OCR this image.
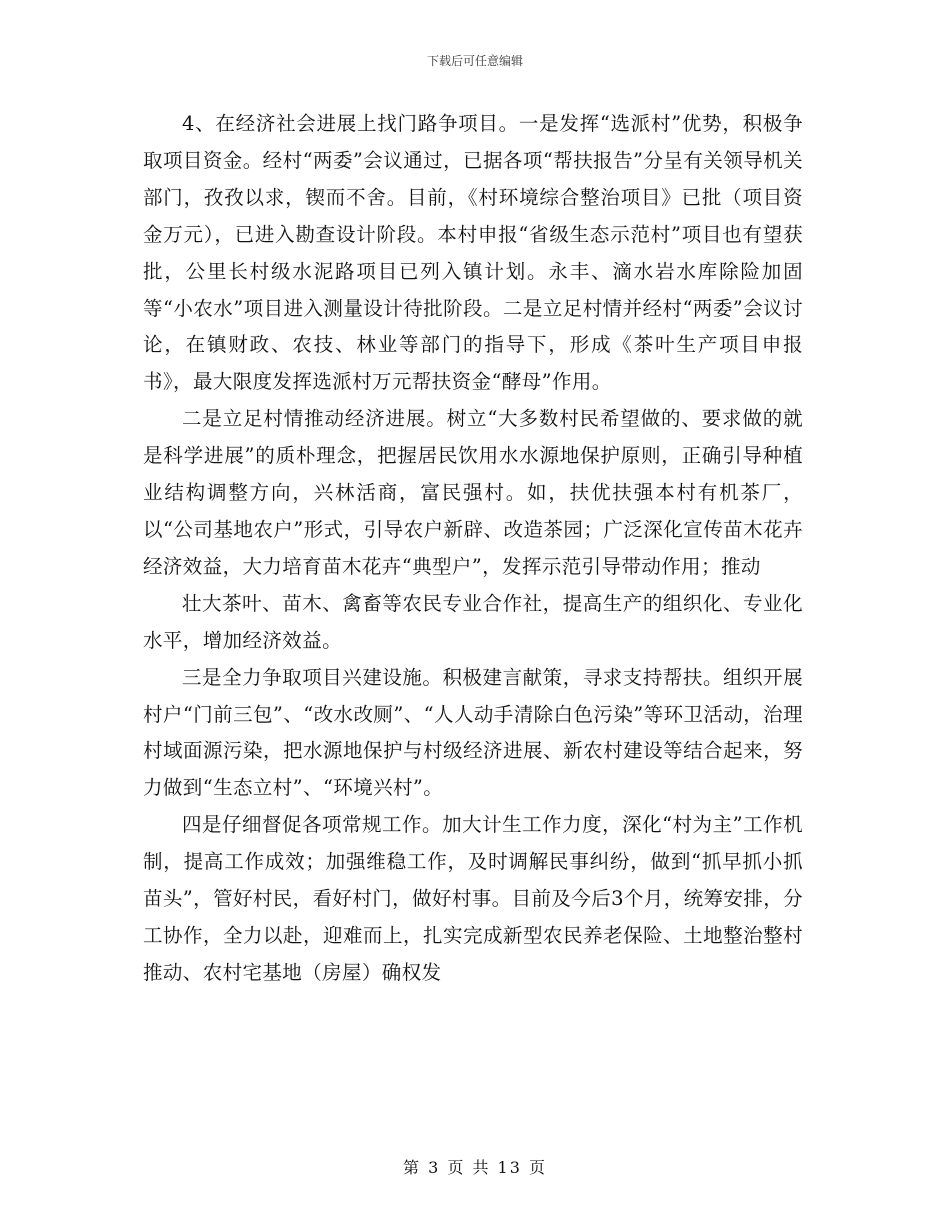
下载后可任意编辑

4、在经济社会进展上找门路争项目。一是发挥“选派村”优势，积极争取项目资金。经村“两委”会议通过，已据各项“帮扶报告”分呈有关领导机关部门，孜孜以求，锲而不舍。目前，《村环境综合整治项目》已批（项目资金万元），已进入勘查设计阶段。本村申报“省级生态示范村”项目也有望获批，公里长村级水泥路项目已列入镇计划。永丰、滴水岩水库除险加固等“小农水”项目进入测量设计待批阶段。二是立足村情并经村“两委”会议讨论，在镇财政、农技、林业等部门的指导下，形成《茶叶生产项目申报书》，最大限度发挥选派村万元帮扶资金“酵母”作用。

二是立足村情推动经济进展。树立“大多数村民希望做的、要求做的就是科学进展”的质朴理念，把握居民饮用水水源地保护原则，正确引导种植业结构调整方向，兴林活商，富民强村。如，扶优扶强本村有机茶厂，以“公司基地农户”形式，引导农户新辟、改造茶园；广泛深化宣传苗木花卉经济效益，大力培育苗木花卉“典型户”，发挥示范引导带动作用；推动

壮大茶叶、苗木、禽畜等农民专业合作社，提高生产的组织化、专业化水平，增加经济效益。

三是全力争取项目兴建设施。积极建言献策，寻求支持帮扶。组织开展村户“门前三包”、“改水改厕”、“人人动手清除白色污染”等环卫活动，治理村域面源污染，把水源地保护与村级经济进展、新农村建设等结合起来，努力做到“生态立村”、“环境兴村”。

四是仔细督促各项常规工作。加大计生工作力度，深化“村为主”工作机制，提高工作成效；加强维稳工作，及时调解民事纠纷，做到“抓早抓小抓苗头”，管好村民，看好村门，做好村事。目前及今后3个月，统筹安排，分工协作，全力以赴，迎难而上，扎实完成新型农民养老保险、土地整治整村推动、农村宅基地（房屋）确权发

第 3 页 共 13 页
